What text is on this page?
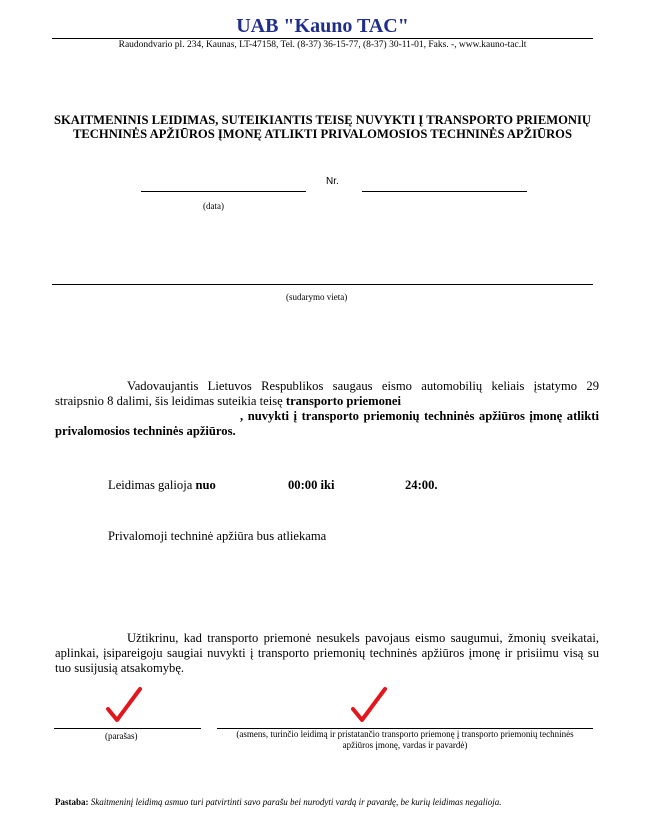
UAB "Kauno TAC"
Raudondvario pl. 234, Kaunas, LT-47158, Tel. (8-37) 36-15-77, (8-37) 30-11-01, Faks. -, www.kauno-tac.lt
SKAITMENINIS LEIDIMAS, SUTEIKIANTIS TEISĘ NUVYKTI Į TRANSPORTO PRIEMONIŲ
TECHNINĖS APŽIŪROS ĮMONĘ ATLIKTI PRIVALOMOSIOS TECHNINĖS APŽIŪROS
Nr.
(data)
(sudarymo vieta)
Vadovaujantis Lietuvos Respublikos saugaus eismo automobilių keliais įstatymo 29 straipsnio 8 dalimi, šis leidimas suteikia teisę transporto priemonei
, nuvykti į transporto priemonių techninės apžiūros įmonę atlikti privalomosios techninės apžiūros.
Leidimas galioja nuo	00:00 iki	24:00.
Privalomoji techninė apžiūra bus atliekama
Užtikrinu, kad transporto priemonė nesukels pavojaus eismo saugumui, žmonių sveikatai, aplinkai, įsipareigoju saugiai nuvykti į transporto priemonių techninės apžiūros įmonę ir prisiimu visą su tuo susijusią atsakomybę.
(parašas)	(asmens, turinčio leidimą ir pristatančio transporto priemonę į transporto priemonių techninės
apžiūros įmonę, vardas ir pavardė)
Pastaba: Skaitmeninį leidimą asmuo turi patvirtinti savo parašu bei nurodyti vardą ir pavardę, be kurių leidimas negalioja.
